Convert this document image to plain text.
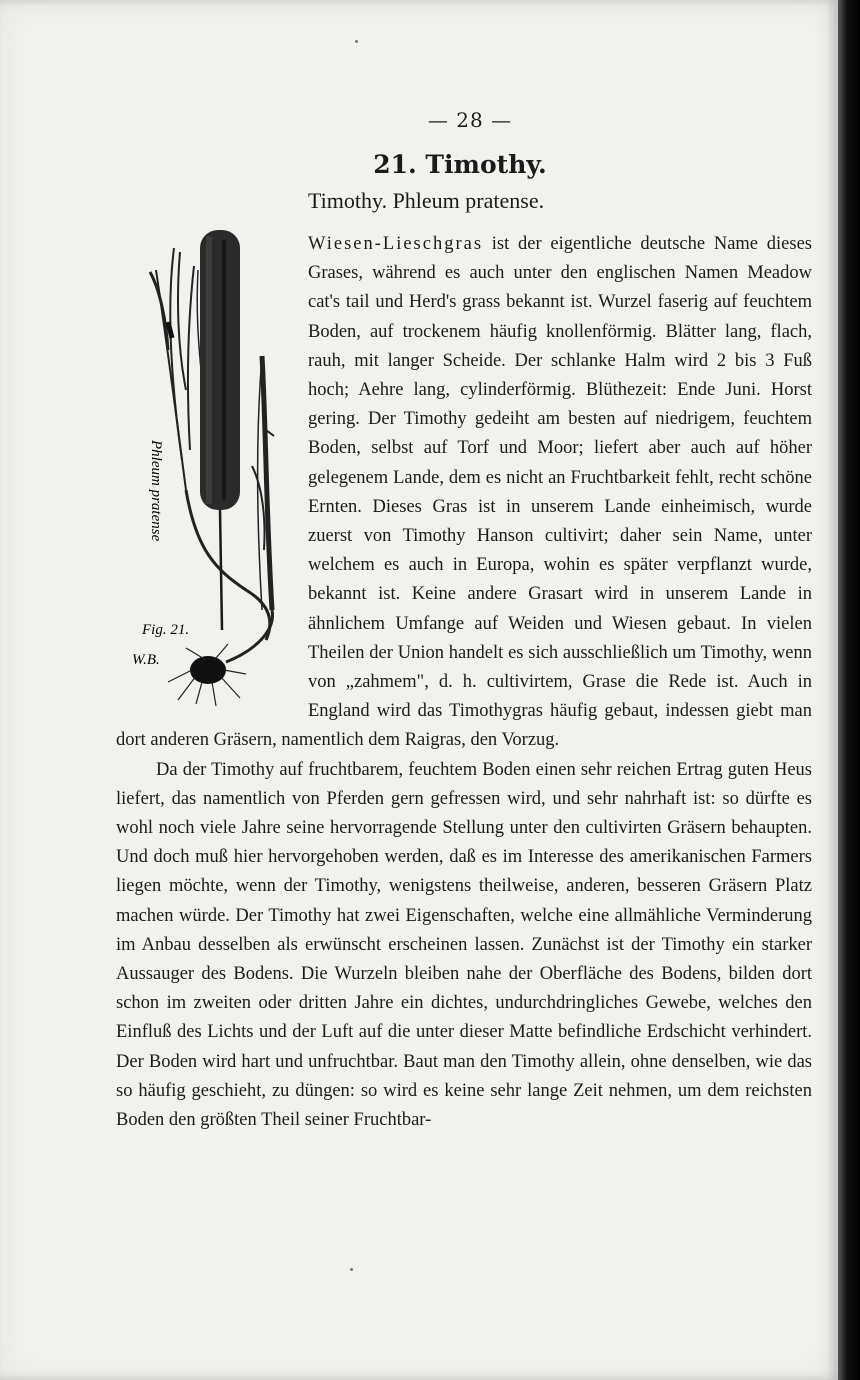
— 28 —
21. Timothy.
Timothy. Phleum pratense.
Phleum pratense
Fig. 21.
W.B.

Wiesen-Lieschgras ist der eigentliche deutsche Name dieses Grases, während es auch unter den englischen Namen Meadow cat's tail und Herd's grass bekannt ist. Wurzel faserig auf feuchtem Boden, auf trockenem häufig knollenförmig. Blätter lang, flach, rauh, mit langer Scheide. Der schlanke Halm wird 2 bis 3 Fuß hoch; Aehre lang, cylinderförmig. Blüthezeit: Ende Juni. Horst gering. Der Timothy gedeiht am besten auf niedrigem, feuchtem Boden, selbst auf Torf und Moor; liefert aber auch auf höher gelegenem Lande, dem es nicht an Fruchtbarkeit fehlt, recht schöne Ernten. Dieses Gras ist in unserem Lande einheimisch, wurde zuerst von Timothy Hanson cultivirt; daher sein Name, unter welchem es auch in Europa, wohin es später verpflanzt wurde, bekannt ist. Keine andere Grasart wird in unserem Lande in ähnlichem Umfange auf Weiden und Wiesen gebaut. In vielen Theilen der Union handelt es sich ausschließlich um Timothy, wenn von „zahmem", d. h. cultivirtem, Grase die Rede ist. Auch in England wird das Timothygras häufig gebaut, indessen giebt man dort anderen Gräsern, namentlich dem Raigras, den Vorzug.

Da der Timothy auf fruchtbarem, feuchtem Boden einen sehr reichen Ertrag guten Heus liefert, das namentlich von Pferden gern gefressen wird, und sehr nahrhaft ist: so dürfte es wohl noch viele Jahre seine hervorragende Stellung unter den cultivirten Gräsern behaupten. Und doch muß hier hervorgehoben werden, daß es im Interesse des amerikanischen Farmers liegen möchte, wenn der Timothy, wenigstens theilweise, anderen, besseren Gräsern Platz machen würde. Der Timothy hat zwei Eigenschaften, welche eine allmähliche Verminderung im Anbau desselben als erwünscht erscheinen lassen. Zunächst ist der Timothy ein starker Aussauger des Bodens. Die Wurzeln bleiben nahe der Oberfläche des Bodens, bilden dort schon im zweiten oder dritten Jahre ein dichtes, undurchdringliches Gewebe, welches den Einfluß des Lichts und der Luft auf die unter dieser Matte befindliche Erdschicht verhindert. Der Boden wird hart und unfruchtbar. Baut man den Timothy allein, ohne denselben, wie das so häufig geschieht, zu düngen: so wird es keine sehr lange Zeit nehmen, um dem reichsten Boden den größten Theil seiner Fruchtbar-
